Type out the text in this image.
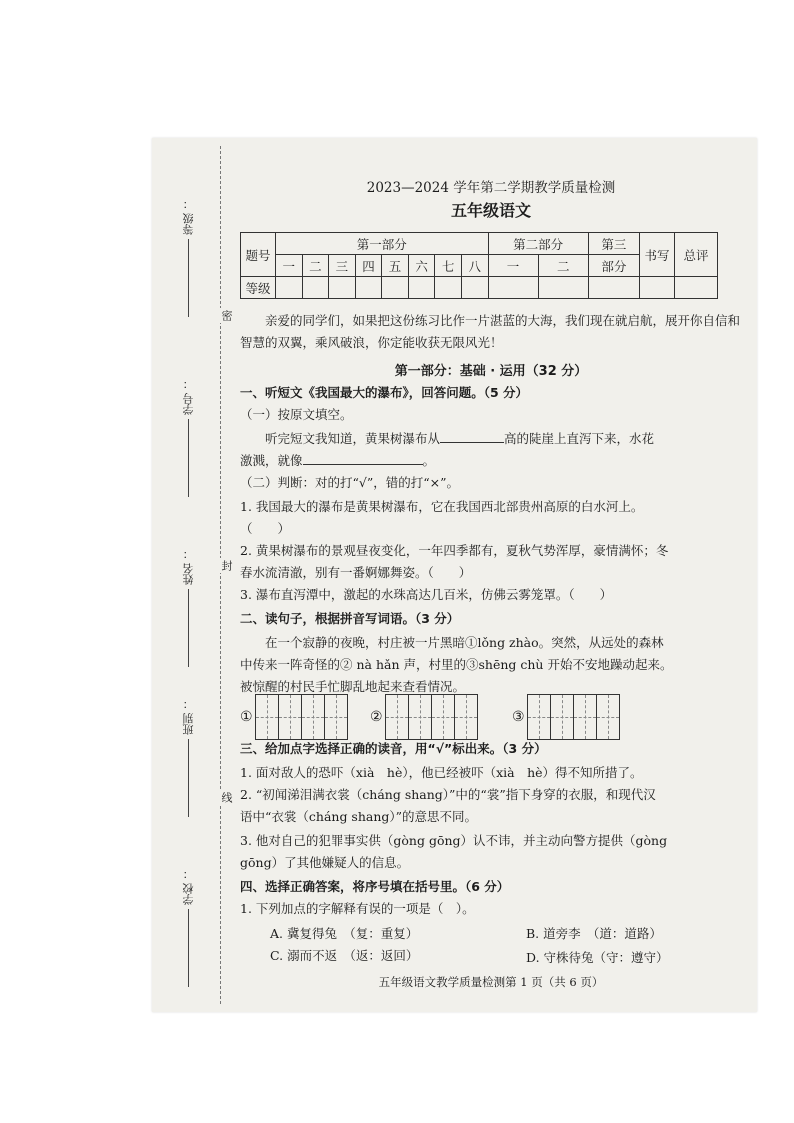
等级
：
学号
：
姓名
：
班别
：
学校
：
密
封
线
2023—2024 学年第二学期教学质量检测
五年级语文
题号	第一部分								第二部分		第三	书写	总评
	一	二	三	四	五	六	七	八	一	二	部分		
等级													
亲爱的同学们，如果把这份练习比作一片湛蓝的大海，我们现在就启航，展开你自信和智慧的双翼，乘风破浪，你定能收获无限风光！
第一部分：基础 · 运用（32 分）
一、听短文《我国最大的瀑布》，回答问题。（5 分）
（一）按原文填空。
听完短文我知道，黄果树瀑布从	高的陡崖上直泻下来，水花
激溅，就像	。
（二）判断：对的打“√”，错的打“×”。
1. 我国最大的瀑布是黄果树瀑布，它在我国西北部贵州高原的白水河上。
（　　）
2. 黄果树瀑布的景观昼夜变化，一年四季都有，夏秋气势浑厚，豪情满怀；冬
春水流清澈，别有一番婀娜舞姿。（　　）
3. 瀑布直泻潭中，激起的水珠高达几百米，仿佛云雾笼罩。（　　）
二、读句子，根据拼音写词语。（3 分）
在一个寂静的夜晚，村庄被一片黑暗①lǒng zhào。突然，从远处的森林
中传来一阵奇怪的② nà hǎn 声，村里的③shēng chù 开始不安地躁动起来。
被惊醒的村民手忙脚乱地起来查看情况。
①	②	③
三、给加点字选择正确的读音，用“√”标出来。（3 分）
1. 面对敌人的恐吓（xià　hè），他已经被吓（xià　hè）得不知所措了。
2. “初闻涕泪满衣裳（cháng shang）”中的“裳”指下身穿的衣服，和现代汉
语中“衣裳（cháng shang）”的意思不同。
3. 他对自己的犯罪事实供（gòng gōng）认不讳，并主动向警方提供（gòng
gōng）了其他嫌疑人的信息。
四、选择正确答案，将序号填在括号里。（6 分）
1. 下列加点的字解释有误的一项是（　）。
A. 冀复得兔　（复：重复）	B. 道旁李　（道：道路）
C. 溺而不返　（返：返回）	D. 守株待兔（守：遵守）
五年级语文教学质量检测第 1 页（共 6 页）
